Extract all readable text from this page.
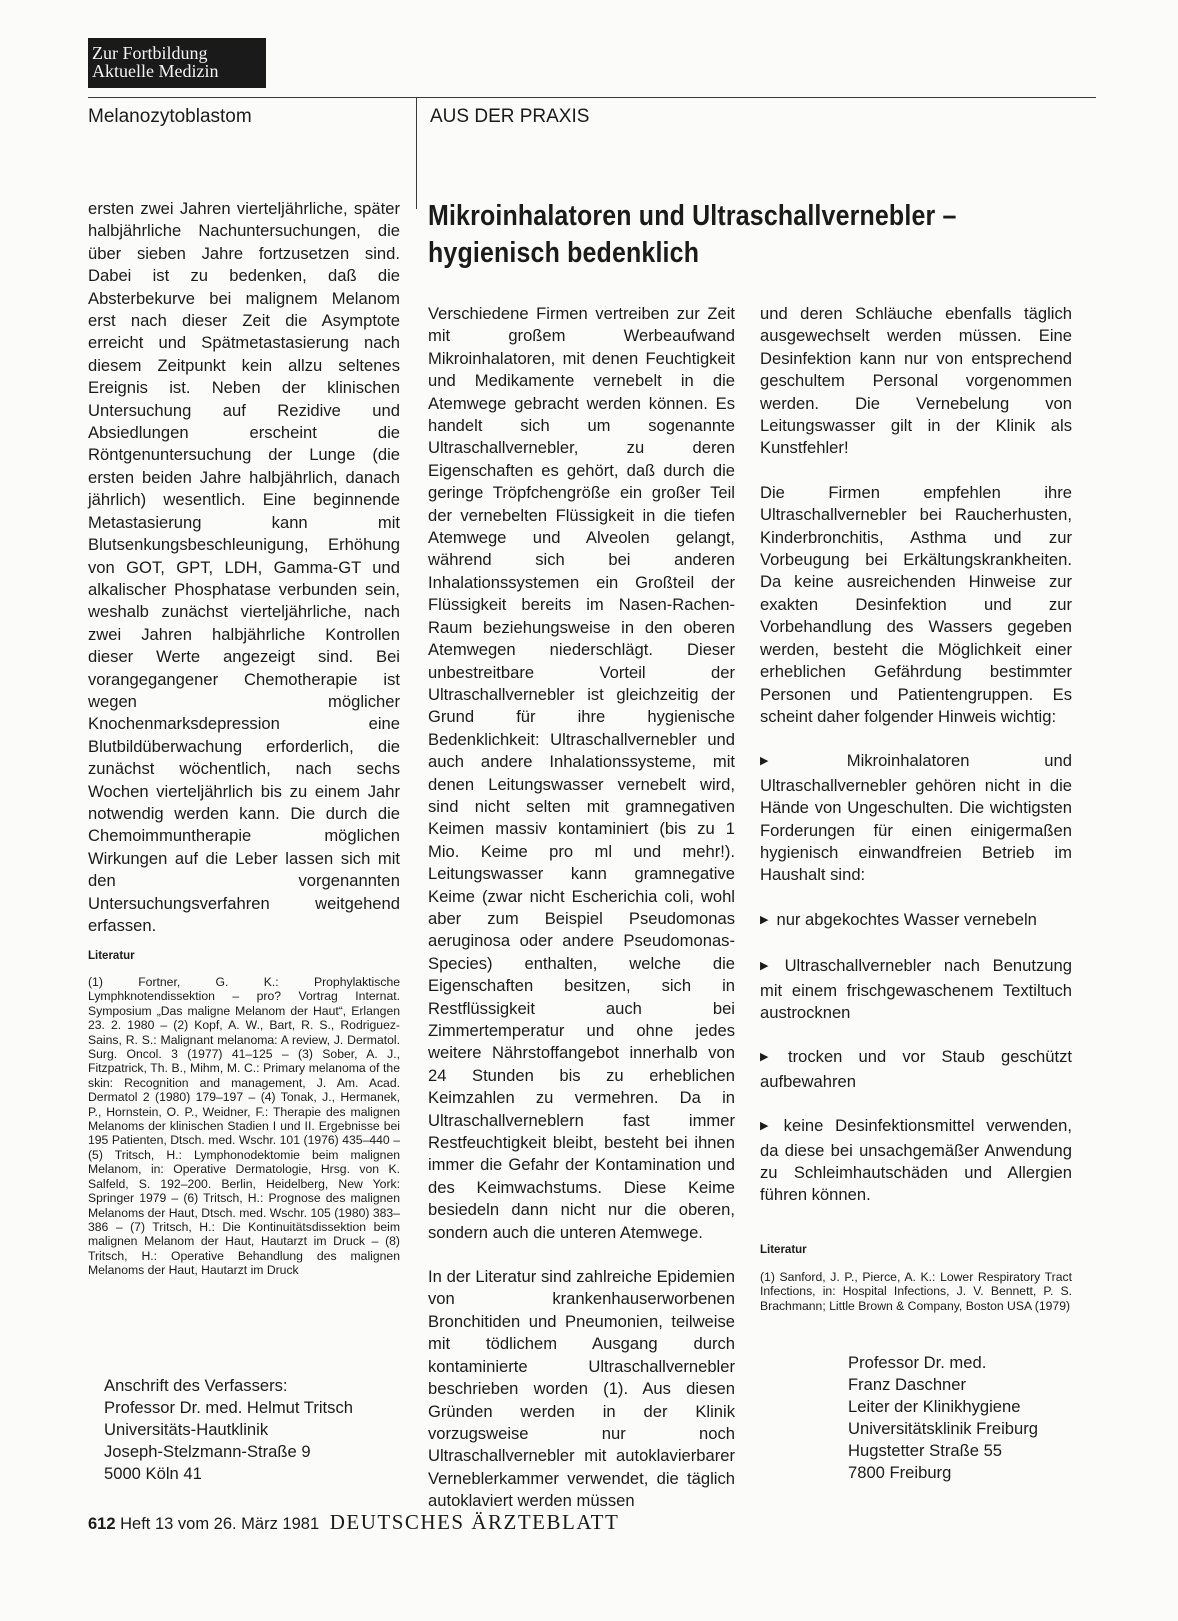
Zur Fortbildung
Aktuelle Medizin
Melanozytoblastom	AUS DER PRAXIS
Mikroinhalatoren und Ultraschallvernebler –
hygienisch bedenklich

ersten zwei Jahren vierteljährliche, später halbjährliche Nachuntersuchungen, die über sieben Jahre fortzusetzen sind. Dabei ist zu bedenken, daß die Absterbekurve bei malignem Melanom erst nach dieser Zeit die Asymptote erreicht und Spätmetastasierung nach diesem Zeitpunkt kein allzu seltenes Ereignis ist. Neben der klinischen Untersuchung auf Rezidive und Absiedlungen erscheint die Röntgenuntersuchung der Lunge (die ersten beiden Jahre halbjährlich, danach jährlich) wesentlich. Eine beginnende Metastasierung kann mit Blutsenkungsbeschleunigung, Erhöhung von GOT, GPT, LDH, Gamma-GT und alkalischer Phosphatase verbunden sein, weshalb zunächst vierteljährliche, nach zwei Jahren halbjährliche Kontrollen dieser Werte angezeigt sind. Bei vorangegangener Chemotherapie ist wegen möglicher Knochenmarksdepression eine Blutbildüberwachung erforderlich, die zunächst wöchentlich, nach sechs Wochen vierteljährlich bis zu einem Jahr notwendig werden kann. Die durch die Chemoimmuntherapie möglichen Wirkungen auf die Leber lassen sich mit den vorgenannten Untersuchungsverfahren weitgehend erfassen.

Literatur
(1) Fortner, G. K.: Prophylaktische Lymphknotendissektion – pro? Vortrag Internat. Symposium „Das maligne Melanom der Haut“, Erlangen 23. 2. 1980 – (2) Kopf, A. W., Bart, R. S., Rodriguez-Sains, R. S.: Malignant melanoma: A review, J. Dermatol. Surg. Oncol. 3 (1977) 41–125 – (3) Sober, A. J., Fitzpatrick, Th. B., Mihm, M. C.: Primary melanoma of the skin: Recognition and management, J. Am. Acad. Dermatol 2 (1980) 179–197 – (4) Tonak, J., Hermanek, P., Hornstein, O. P., Weidner, F.: Therapie des malignen Melanoms der klinischen Stadien I und II. Ergebnisse bei 195 Patienten, Dtsch. med. Wschr. 101 (1976) 435–440 – (5) Tritsch, H.: Lymphonodektomie beim malignen Melanom, in: Operative Dermatologie, Hrsg. von K. Salfeld, S. 192–200. Berlin, Heidelberg, New York: Springer 1979 – (6) Tritsch, H.: Prognose des malignen Melanoms der Haut, Dtsch. med. Wschr. 105 (1980) 383–386 – (7) Tritsch, H.: Die Kontinuitätsdissektion beim malignen Melanom der Haut, Hautarzt im Druck – (8) Tritsch, H.: Operative Behandlung des malignen Melanoms der Haut, Hautarzt im Druck
Anschrift des Verfassers:
Professor Dr. med. Helmut Tritsch
Universitäts-Hautklinik
Joseph-Stelzmann-Straße 9
5000 Köln 41

Verschiedene Firmen vertreiben zur Zeit mit großem Werbeaufwand Mikroinhalatoren, mit denen Feuchtigkeit und Medikamente vernebelt in die Atemwege gebracht werden können. Es handelt sich um sogenannte Ultraschallvernebler, zu deren Eigenschaften es gehört, daß durch die geringe Tröpfchengröße ein großer Teil der vernebelten Flüssigkeit in die tiefen Atemwege und Alveolen gelangt, während sich bei anderen Inhalationssystemen ein Großteil der Flüssigkeit bereits im Nasen-Rachen-Raum beziehungsweise in den oberen Atemwegen niederschlägt. Dieser unbestreitbare Vorteil der Ultraschallvernebler ist gleichzeitig der Grund für ihre hygienische Bedenklichkeit: Ultraschallvernebler und auch andere Inhalationssysteme, mit denen Leitungswasser vernebelt wird, sind nicht selten mit gramnegativen Keimen massiv kontaminiert (bis zu 1 Mio. Keime pro ml und mehr!). Leitungswasser kann gramnegative Keime (zwar nicht Escherichia coli, wohl aber zum Beispiel Pseudomonas aeruginosa oder andere Pseudomonas-Species) enthalten, welche die Eigenschaften besitzen, sich in Restflüssigkeit auch bei Zimmertemperatur und ohne jedes weitere Nährstoffangebot innerhalb von 24 Stunden bis zu erheblichen Keimzahlen zu vermehren. Da in Ultraschallverneblern fast immer Restfeuchtigkeit bleibt, besteht bei ihnen immer die Gefahr der Kontamination und des Keimwachstums. Diese Keime besiedeln dann nicht nur die oberen, sondern auch die unteren Atemwege.

In der Literatur sind zahlreiche Epidemien von krankenhauserworbenen Bronchitiden und Pneumonien, teilweise mit tödlichem Ausgang durch kontaminierte Ultraschallvernebler beschrieben worden (1). Aus diesen Gründen werden in der Klinik vorzugsweise nur noch Ultraschallvernebler mit autoklavierbarer Verneblerkammer verwendet, die täglich autoklaviert werden müssen

und deren Schläuche ebenfalls täglich ausgewechselt werden müssen. Eine Desinfektion kann nur von entsprechend geschultem Personal vorgenommen werden. Die Vernebelung von Leitungswasser gilt in der Klinik als Kunstfehler!

Die Firmen empfehlen ihre Ultraschallvernebler bei Raucherhusten, Kinderbronchitis, Asthma und zur Vorbeugung bei Erkältungskrankheiten. Da keine ausreichenden Hinweise zur exakten Desinfektion und zur Vorbehandlung des Wassers gegeben werden, besteht die Möglichkeit einer erheblichen Gefährdung bestimmter Personen und Patientengruppen. Es scheint daher folgender Hinweis wichtig:

▶ Mikroinhalatoren und Ultraschallvernebler gehören nicht in die Hände von Ungeschulten. Die wichtigsten Forderungen für einen einigermaßen hygienisch einwandfreien Betrieb im Haushalt sind:

▶ nur abgekochtes Wasser vernebeln

▶ Ultraschallvernebler nach Benutzung mit einem frischgewaschenem Textiltuch austrocknen

▶ trocken und vor Staub geschützt aufbewahren

▶ keine Desinfektionsmittel verwenden, da diese bei unsachgemäßer Anwendung zu Schleimhautschäden und Allergien führen können.

Literatur
(1) Sanford, J. P., Pierce, A. K.: Lower Respiratory Tract Infections, in: Hospital Infections, J. V. Bennett, P. S. Brachmann; Little Brown & Company, Boston USA (1979)
Professor Dr. med.
Franz Daschner
Leiter der Klinikhygiene
Universitätsklinik Freiburg
Hugstetter Straße 55
7800 Freiburg
612 Heft 13 vom 26. März 1981 DEUTSCHES ÄRZTEBLATT
